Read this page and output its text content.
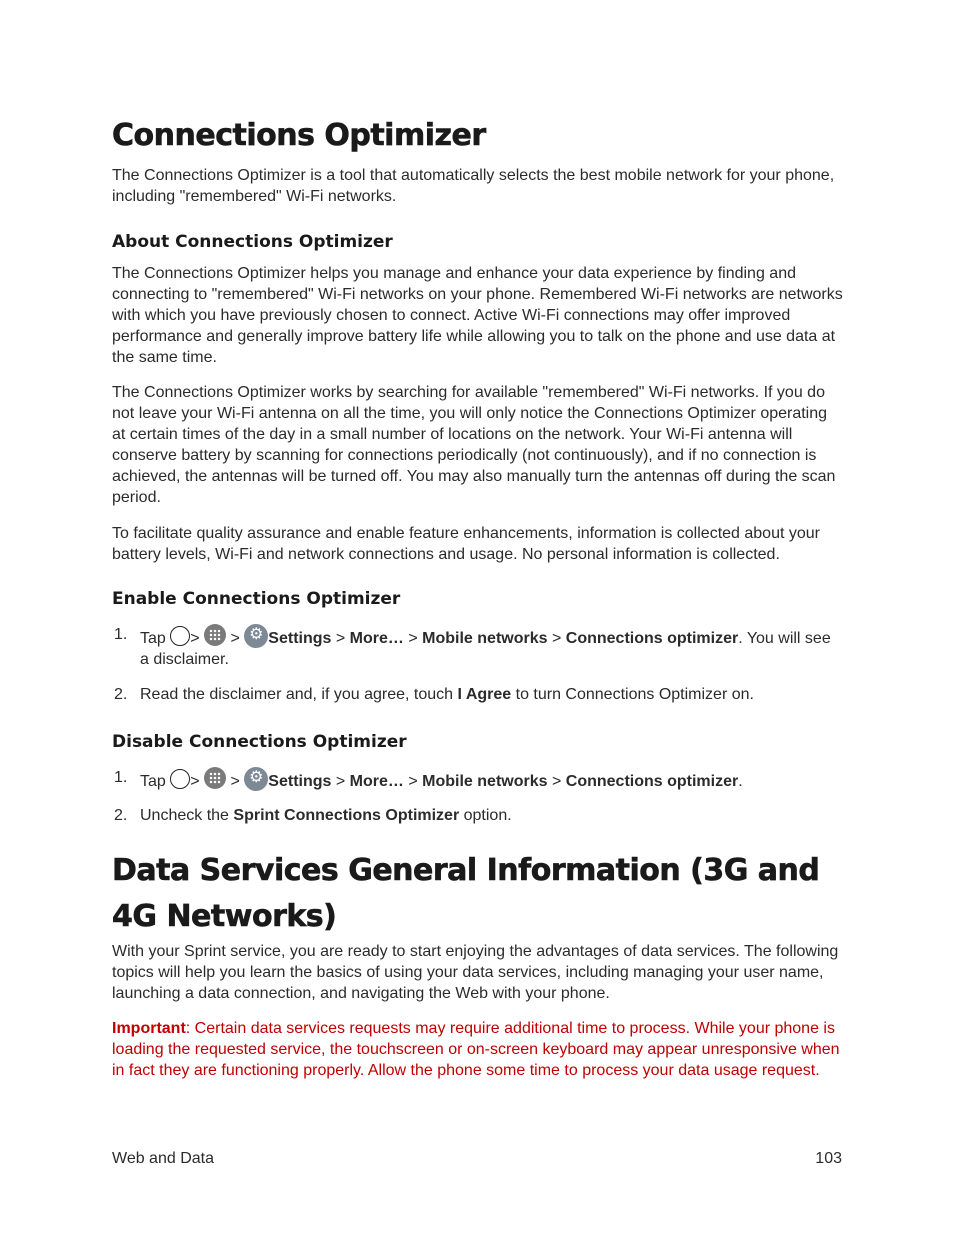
Connections Optimizer

The Connections Optimizer is a tool that automatically selects the best mobile network for your phone, including "remembered" Wi-Fi networks.

About Connections Optimizer

The Connections Optimizer helps you manage and enhance your data experience by finding and connecting to "remembered" Wi-Fi networks on your phone. Remembered Wi-Fi networks are networks with which you have previously chosen to connect. Active Wi-Fi connections may offer improved performance and generally improve battery life while allowing you to talk on the phone and use data at the same time.

The Connections Optimizer works by searching for available "remembered" Wi-Fi networks. If you do not leave your Wi-Fi antenna on all the time, you will only notice the Connections Optimizer operating at certain times of the day in a small number of locations on the network. Your Wi-Fi antenna will conserve battery by scanning for connections periodically (not continuously), and if no connection is achieved, the antennas will be turned off. You may also manually turn the antennas off during the scan period.

To facilitate quality assurance and enable feature enhancements, information is collected about your battery levels, Wi-Fi and network connections and usage. No personal information is collected.

Enable Connections Optimizer
1. Tap > > ⚙ Settings > More… > Mobile networks > Connections optimizer. You will see a disclaimer.
2. Read the disclaimer and, if you agree, touch I Agree to turn Connections Optimizer on.
Disable Connections Optimizer
1. Tap > > ⚙ Settings > More… > Mobile networks > Connections optimizer.
2. Uncheck the Sprint Connections Optimizer option.
Data Services General Information (3G and 4G Networks)

With your Sprint service, you are ready to start enjoying the advantages of data services. The following topics will help you learn the basics of using your data services, including managing your user name, launching a data connection, and navigating the Web with your phone.

Important: Certain data services requests may require additional time to process. While your phone is loading the requested service, the touchscreen or on-screen keyboard may appear unresponsive when in fact they are functioning properly. Allow the phone some time to process your data usage request.

Web and Data	103
